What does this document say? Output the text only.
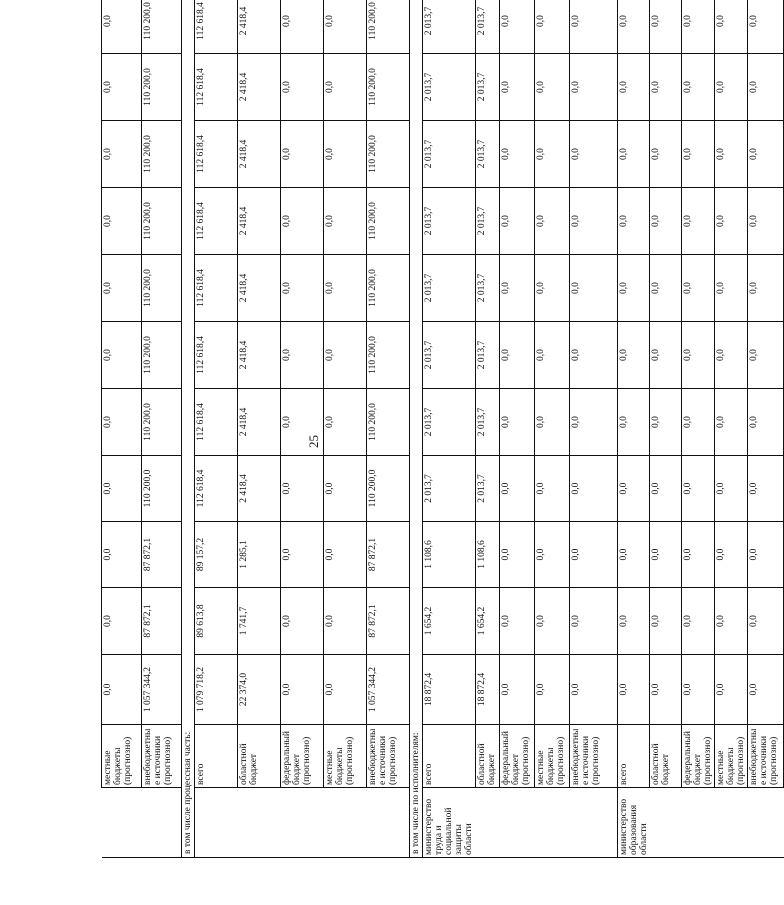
25
	местные бюджеты (прогнозно)	0,0	0,0	0,0	0,0	0,0	0,0	0,0	0,0	0,0	0,0	0,0
	внебюджетные источники (прогнозно)	1 057 344,2	87 872,1	87 872,1	110 200,0	110 200,0	110 200,0	110 200,0	110 200,0	110 200,0	110 200,0	110 200,0
в том числе процессная часть:												
	всего	1 079 718,2	89 613,8	89 157,2	112 618,4	112 618,4	112 618,4	112 618,4	112 618,4	112 618,4	112 618,4	112 618,4
	областной бюджет	22 374,0	1 741,7	1 285,1	2 418,4	2 418,4	2 418,4	2 418,4	2 418,4	2 418,4	2 418,4	2 418,4
	федеральный бюджет (прогнозно)	0,0	0,0	0,0	0,0	0,0	0,0	0,0	0,0	0,0	0,0	0,0
	местные бюджеты (прогнозно)	0,0	0,0	0,0	0,0	0,0	0,0	0,0	0,0	0,0	0,0	0,0
	внебюджетные источники (прогнозно)	1 057 344,2	87 872,1	87 872,1	110 200,0	110 200,0	110 200,0	110 200,0	110 200,0	110 200,0	110 200,0	110 200,0
в том числе по исполнителям:												
министерство труда и социальной защиты области	всего	18 872,4	1 654,2	1 108,6	2 013,7	2 013,7	2 013,7	2 013,7	2 013,7	2 013,7	2 013,7	2 013,7
	областной бюджет	18 872,4	1 654,2	1 108,6	2 013,7	2 013,7	2 013,7	2 013,7	2 013,7	2 013,7	2 013,7	2 013,7
	федеральный бюджет (прогнозно)	0,0	0,0	0,0	0,0	0,0	0,0	0,0	0,0	0,0	0,0	0,0
	местные бюджеты (прогнозно)	0,0	0,0	0,0	0,0	0,0	0,0	0,0	0,0	0,0	0,0	0,0
	внебюджетные источники (прогнозно)	0,0	0,0	0,0	0,0	0,0	0,0	0,0	0,0	0,0	0,0	0,0
министерство образования области	всего	0,0	0,0	0,0	0,0	0,0	0,0	0,0	0,0	0,0	0,0	0,0
	областной бюджет	0,0	0,0	0,0	0,0	0,0	0,0	0,0	0,0	0,0	0,0	0,0
	федеральный бюджет (прогнозно)	0,0	0,0	0,0	0,0	0,0	0,0	0,0	0,0	0,0	0,0	0,0
	местные бюджеты (прогнозно)	0,0	0,0	0,0	0,0	0,0	0,0	0,0	0,0	0,0	0,0	0,0
	внебюджетные источники (прогнозно)	0,0	0,0	0,0	0,0	0,0	0,0	0,0	0,0	0,0	0,0	0,0
